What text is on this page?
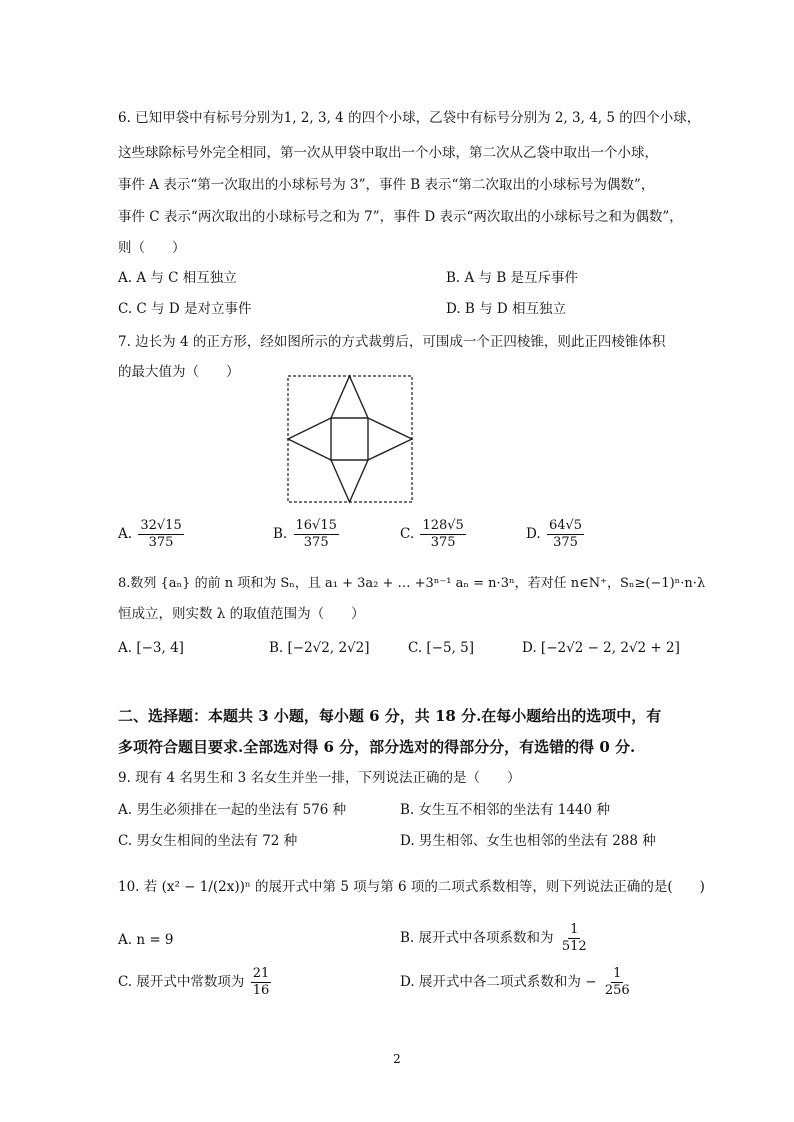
6. 已知甲袋中有标号分别为1, 2, 3, 4 的四个小球，乙袋中有标号分别为 2, 3, 4, 5 的四个小球，
这些球除标号外完全相同，第一次从甲袋中取出一个小球，第二次从乙袋中取出一个小球，
事件 A 表示“第一次取出的小球标号为 3”，事件 B 表示“第二次取出的小球标号为偶数”，
事件 C 表示“两次取出的小球标号之和为 7”，事件 D 表示“两次取出的小球标号之和为偶数”，
则（　　）
A. A 与 C 相互独立	B. A 与 B 是互斥事件
C. C 与 D 是对立事件	D. B 与 D 相互独立
7. 边长为 4 的正方形，经如图所示的方式裁剪后，可围成一个正四棱锥，则此正四棱锥体积
的最大值为（　　）
A. $\frac{32√15}{375}$	B. $\frac{16√15}{375}$	C. $\frac{128√5}{375}$	D. $\frac{64√5}{375}$
8.数列 {aₙ} 的前 n 项和为 Sₙ，且 a₁ + 3a₂ + … +3ⁿ⁻¹ aₙ = n·3ⁿ，若对任 n∈N⁺，Sₙ≥(−1)ⁿ·n·λ
恒成立，则实数 λ 的取值范围为（　　）
A. [−3, 4]	B. [−2√2, 2√2]	C. [−5, 5]	D. [−2√2 − 2, 2√2 + 2]
二、选择题：本题共 3 小题，每小题 6 分，共 18 分.在每小题给出的选项中，有
多项符合题目要求.全部选对得 6 分，部分选对的得部分分，有选错的得 0 分.
9. 现有 4 名男生和 3 名女生并坐一排，下列说法正确的是（　　）
A. 男生必须排在一起的坐法有 576 种	B. 女生互不相邻的坐法有 1440 种
C. 男女生相间的坐法有 72 种	D. 男生相邻、女生也相邻的坐法有 288 种
10. 若 (x² − 1/(2x))ⁿ 的展开式中第 5 项与第 6 项的二项式系数相等，则下列说法正确的是(　　)
A. n = 9	B. 展开式中各项系数和为 $\frac{1}{512}$
C. 展开式中常数项为 $\frac{21}{16}$	D. 展开式中各二项式系数和为 − $\frac{1}{256}$
2
